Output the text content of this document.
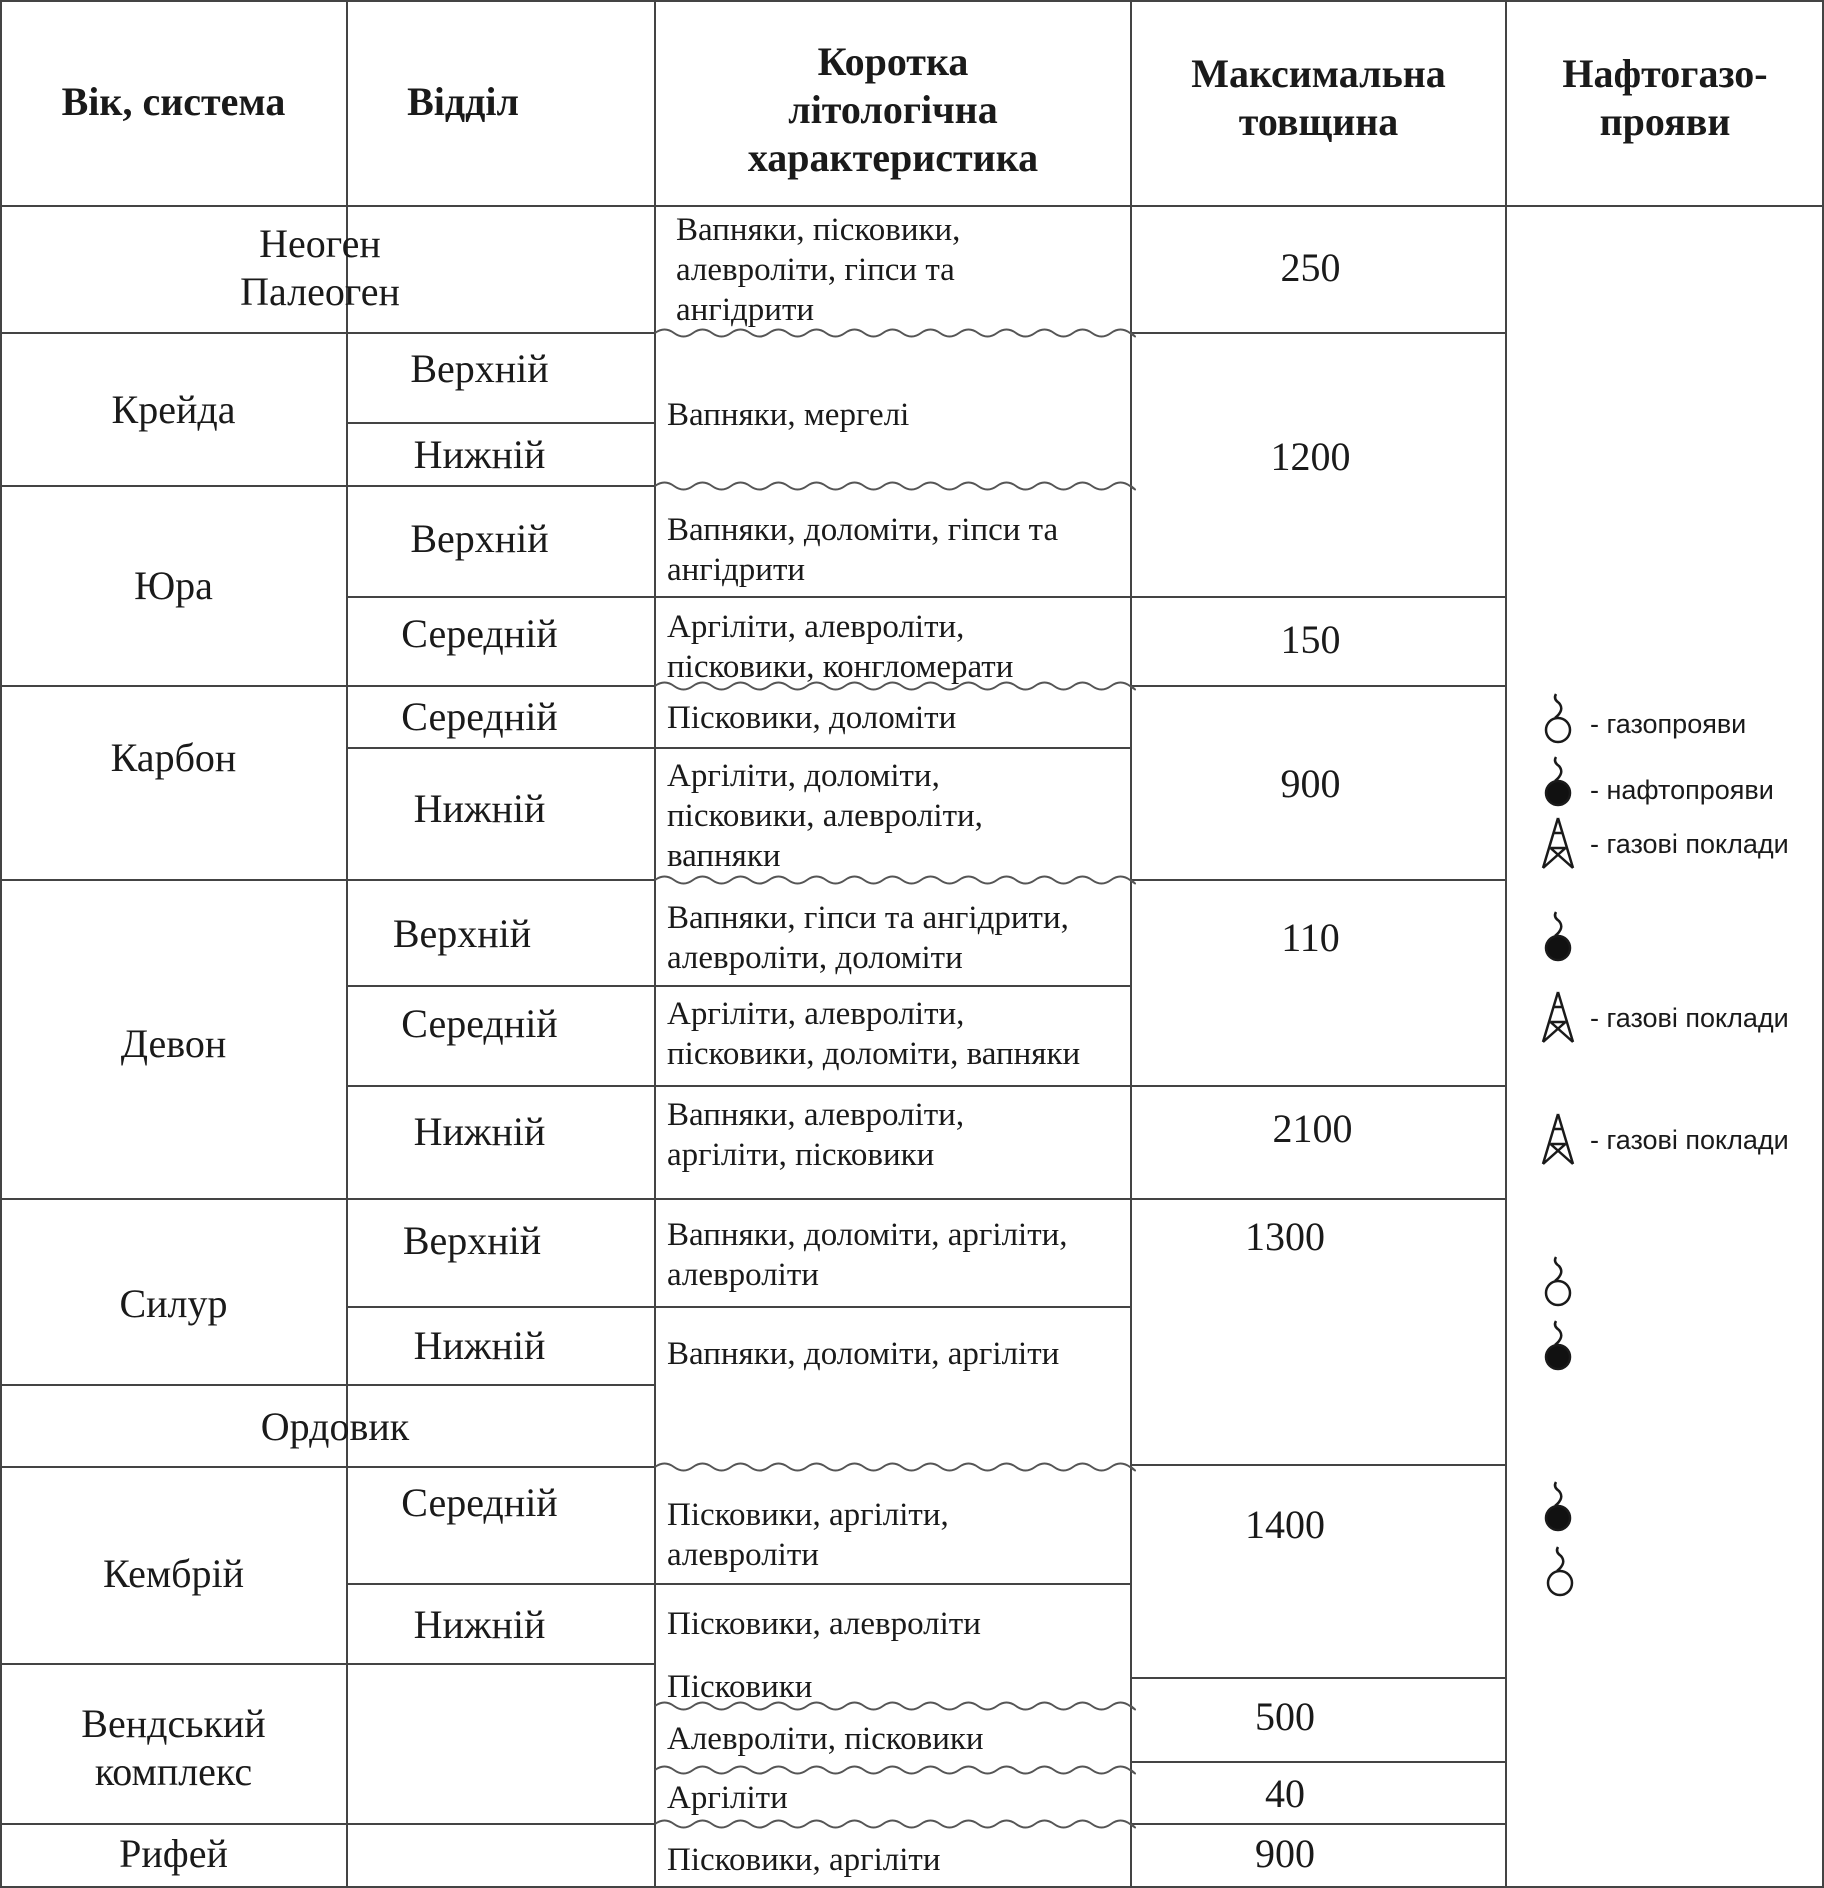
Вік, система	Відділ
Коротка
літологічна
характеристика
Максимальна
товщина
Нафтогазо-
прояви
Неоген
Палеоген
Крейда
Юра
Карбон
Девон
Силур
Ордовик
Кембрій
Вендський
комплекс
Рифей
Верхній
Нижній
Верхній
Середній
Середній
Нижній
Верхній
Середній
Нижній
Верхній
Нижній
Середній
Нижній
Вапняки, пісковики,
алевроліти, гіпси та
ангідрити
Вапняки, мергелі
Вапняки, доломіти, гіпси та
ангідрити
Аргіліти, алевроліти,
пісковики, конгломерати
Пісковики, доломіти
Аргіліти, доломіти,
пісковики, алевроліти,
вапняки
Вапняки, гіпси та ангідрити,
алевроліти, доломіти
Аргіліти, алевроліти,
пісковики, доломіти, вапняки
Вапняки, алевроліти,
аргіліти, пісковики
Вапняки, доломіти, аргіліти,
алевроліти
Вапняки, доломіти, аргіліти
Пісковики, аргіліти,
алевроліти
Пісковики, алевроліти
Пісковики
Алевроліти, пісковики
Аргіліти
Пісковики, аргіліти
250
1200
150
900
110
2100
1300
1400
500
40
900
- газопрояви
- нафтопрояви
- газові поклади
- газові поклади
- газові поклади
